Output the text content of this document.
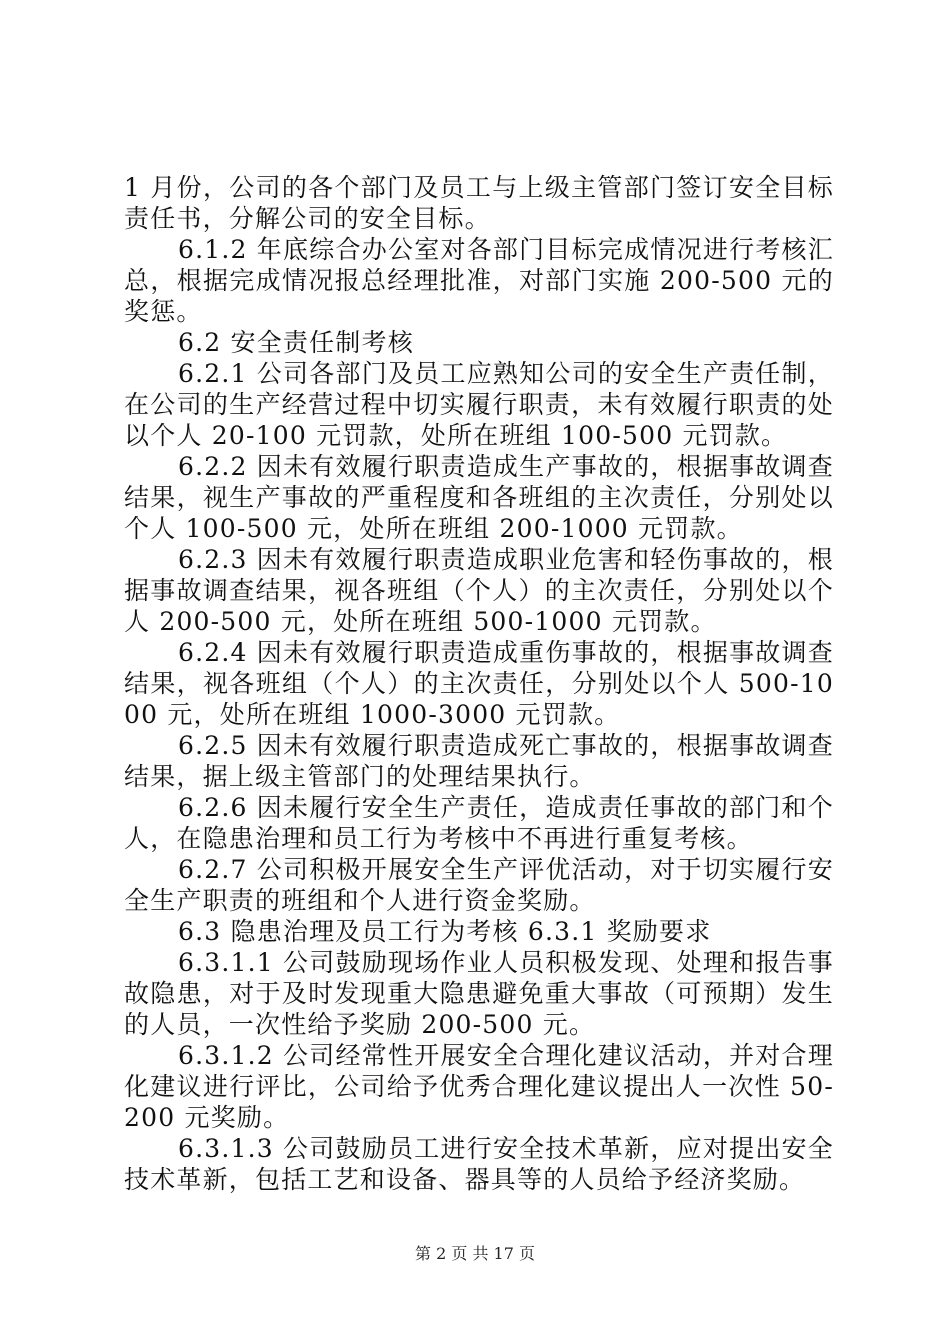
1 月份，公司的各个部门及员工与上级主管部门签订安全目标责任书，分解公司的安全目标。

6.1.2 年底综合办公室对各部门目标完成情况进行考核汇总，根据完成情况报总经理批准，对部门实施 200-500 元的奖惩。

6.2 安全责任制考核

6.2.1 公司各部门及员工应熟知公司的安全生产责任制，在公司的生产经营过程中切实履行职责，未有效履行职责的处以个人 20-100 元罚款，处所在班组 100-500 元罚款。

6.2.2 因未有效履行职责造成生产事故的，根据事故调查结果，视生产事故的严重程度和各班组的主次责任，分别处以个人 100-500 元，处所在班组 200-1000 元罚款。

6.2.3 因未有效履行职责造成职业危害和轻伤事故的，根据事故调查结果，视各班组（个人）的主次责任，分别处以个人 200-500 元，处所在班组 500-1000 元罚款。

6.2.4 因未有效履行职责造成重伤事故的，根据事故调查结果，视各班组（个人）的主次责任，分别处以个人 500-1000 元，处所在班组 1000-3000 元罚款。

6.2.5 因未有效履行职责造成死亡事故的，根据事故调查结果，据上级主管部门的处理结果执行。

6.2.6 因未履行安全生产责任，造成责任事故的部门和个人，在隐患治理和员工行为考核中不再进行重复考核。

6.2.7 公司积极开展安全生产评优活动，对于切实履行安全生产职责的班组和个人进行资金奖励。

6.3 隐患治理及员工行为考核 6.3.1 奖励要求

6.3.1.1 公司鼓励现场作业人员积极发现、处理和报告事故隐患，对于及时发现重大隐患避免重大事故（可预期）发生的人员，一次性给予奖励 200-500 元。

6.3.1.2 公司经常性开展安全合理化建议活动，并对合理化建议进行评比，公司给予优秀合理化建议提出人一次性 50-200 元奖励。

6.3.1.3 公司鼓励员工进行安全技术革新，应对提出安全技术革新，包括工艺和设备、器具等的人员给予经济奖励。

第 2 页 共 17 页
